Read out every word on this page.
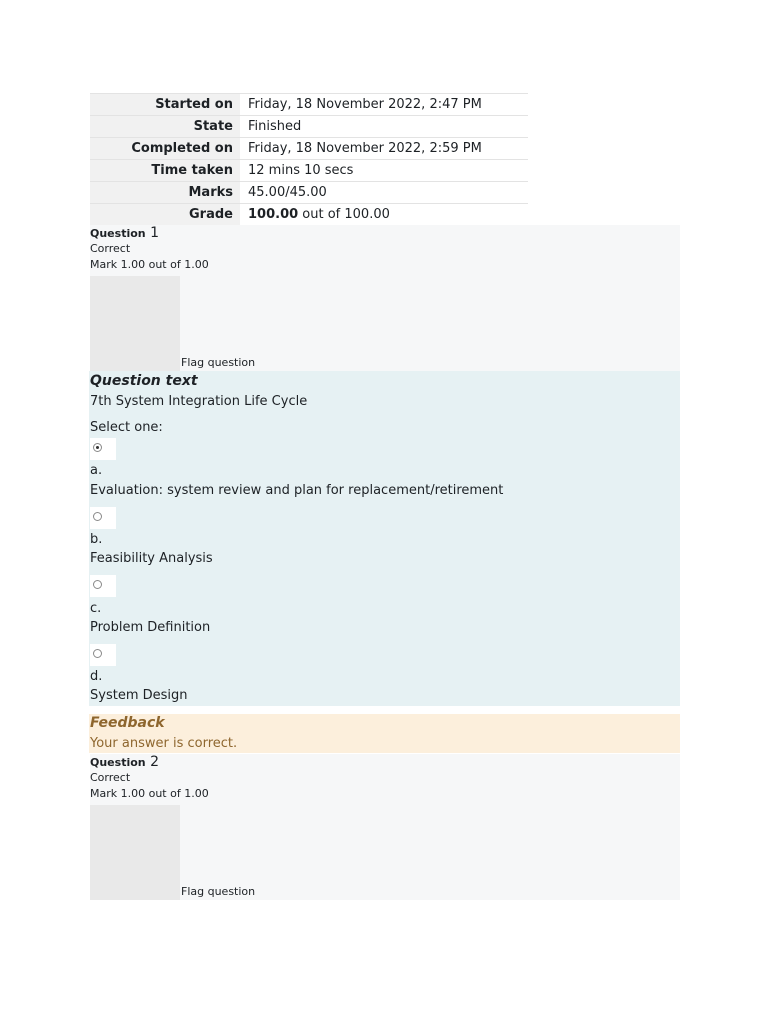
Started on	Friday, 18 November 2022, 2:47 PM
State	Finished
Completed on	Friday, 18 November 2022, 2:59 PM
Time taken	12 mins 10 secs
Marks	45.00/45.00
Grade	100.00 out of 100.00
Question 1
Correct
Mark 1.00 out of 1.00
Flag question
Question text
7th System Integration Life Cycle
Select one:
a.
Evaluation: system review and plan for replacement/retirement
b.
Feasibility Analysis
c.
Problem Definition
d.
System Design
Feedback
Your answer is correct.
Question 2
Correct
Mark 1.00 out of 1.00
Flag question
